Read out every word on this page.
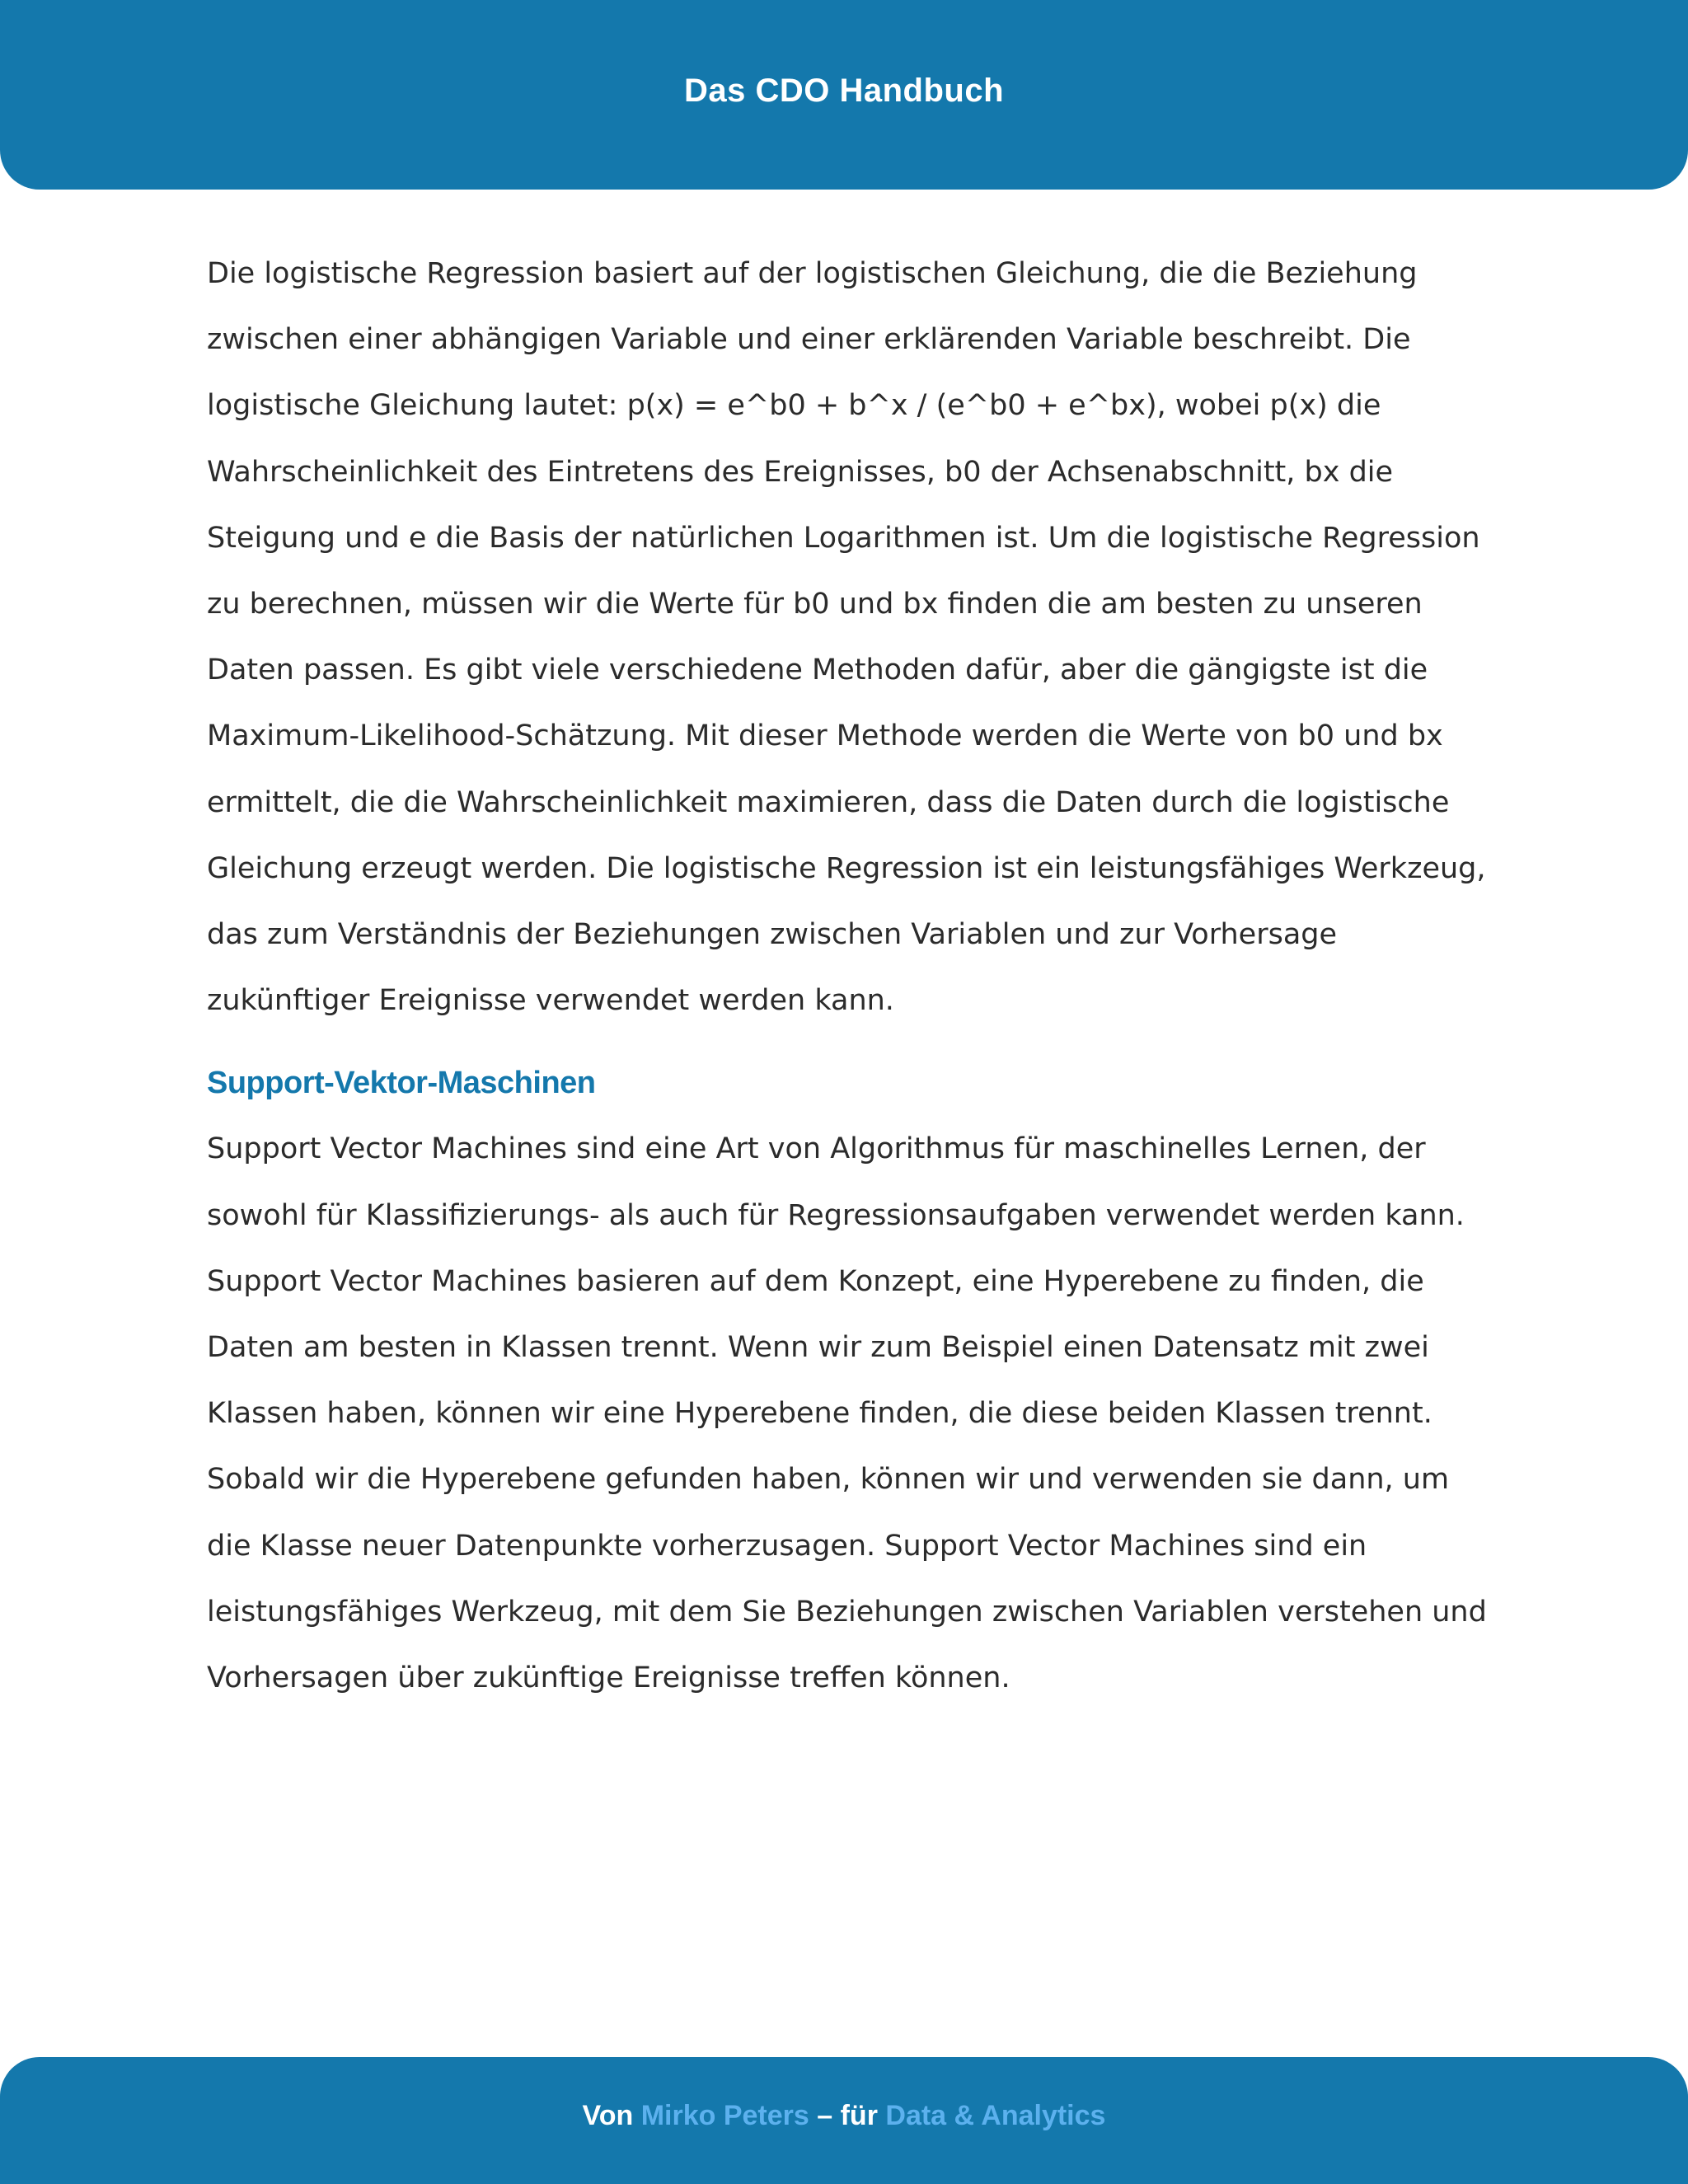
Das CDO Handbuch

Die logistische Regression basiert auf der logistischen Gleichung, die die Beziehung zwischen einer abhängigen Variable und einer erklärenden Variable beschreibt. Die logistische Gleichung lautet: p(x) = e^b0 + b^x / (e^b0 + e^bx), wobei p(x) die Wahrscheinlichkeit des Eintretens des Ereignisses, b0 der Achsenabschnitt, bx die Steigung und e die Basis der natürlichen Logarithmen ist. Um die logistische Regression zu berechnen, müssen wir die Werte für b0 und bx finden die am besten zu unseren Daten passen. Es gibt viele verschiedene Methoden dafür, aber die gängigste ist die Maximum-Likelihood-Schätzung. Mit dieser Methode werden die Werte von b0 und bx ermittelt, die die Wahrscheinlichkeit maximieren, dass die Daten durch die logistische Gleichung erzeugt werden. Die logistische Regression ist ein leistungsfähiges Werkzeug, das zum Verständnis der Beziehungen zwischen Variablen und zur Vorhersage zukünftiger Ereignisse verwendet werden kann.

Support-Vektor-Maschinen

Support Vector Machines sind eine Art von Algorithmus für maschinelles Lernen, der sowohl für Klassifizierungs- als auch für Regressionsaufgaben verwendet werden kann. Support Vector Machines basieren auf dem Konzept, eine Hyperebene zu finden, die Daten am besten in Klassen trennt. Wenn wir zum Beispiel einen Datensatz mit zwei Klassen haben, können wir eine Hyperebene finden, die diese beiden Klassen trennt. Sobald wir die Hyperebene gefunden haben, können wir und verwenden sie dann, um die Klasse neuer Datenpunkte vorherzusagen. Support Vector Machines sind ein leistungsfähiges Werkzeug, mit dem Sie Beziehungen zwischen Variablen verstehen und Vorhersagen über zukünftige Ereignisse treffen können.

Von Mirko Peters – für Data & Analytics
